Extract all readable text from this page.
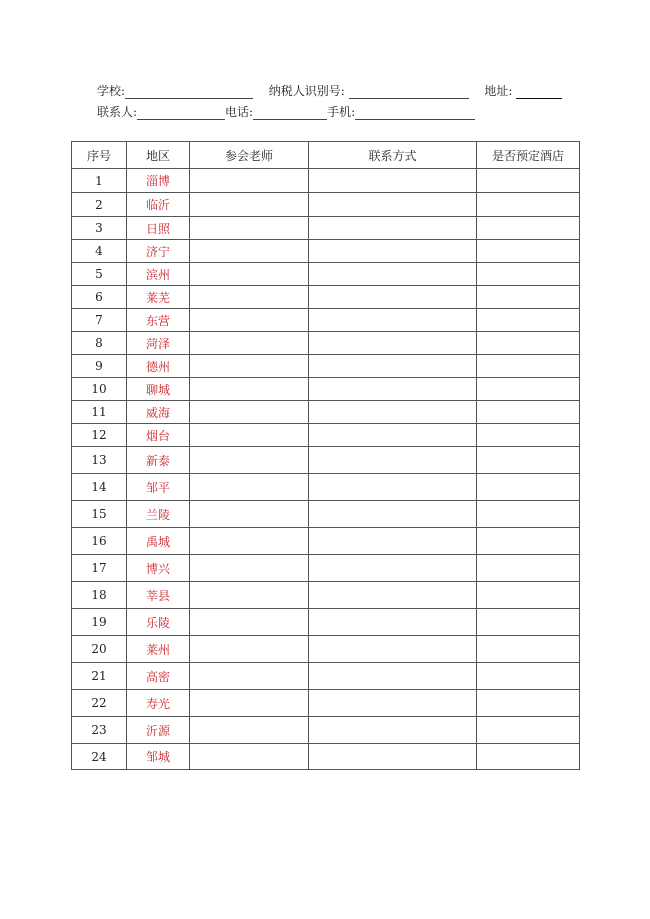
学校:	纳税人识别号:	地址:
联系人:	电话:	手机:
序号	地区	参会老师	联系方式	是否预定酒店
1	淄博			
2	临沂			
3	日照			
4	济宁			
5	滨州			
6	莱芜			
7	东营			
8	菏泽			
9	德州			
10	聊城			
11	威海			
12	烟台			
13	新泰			
14	邹平			
15	兰陵			
16	禹城			
17	博兴			
18	莘县			
19	乐陵			
20	莱州			
21	高密			
22	寿光			
23	沂源			
24	邹城			
